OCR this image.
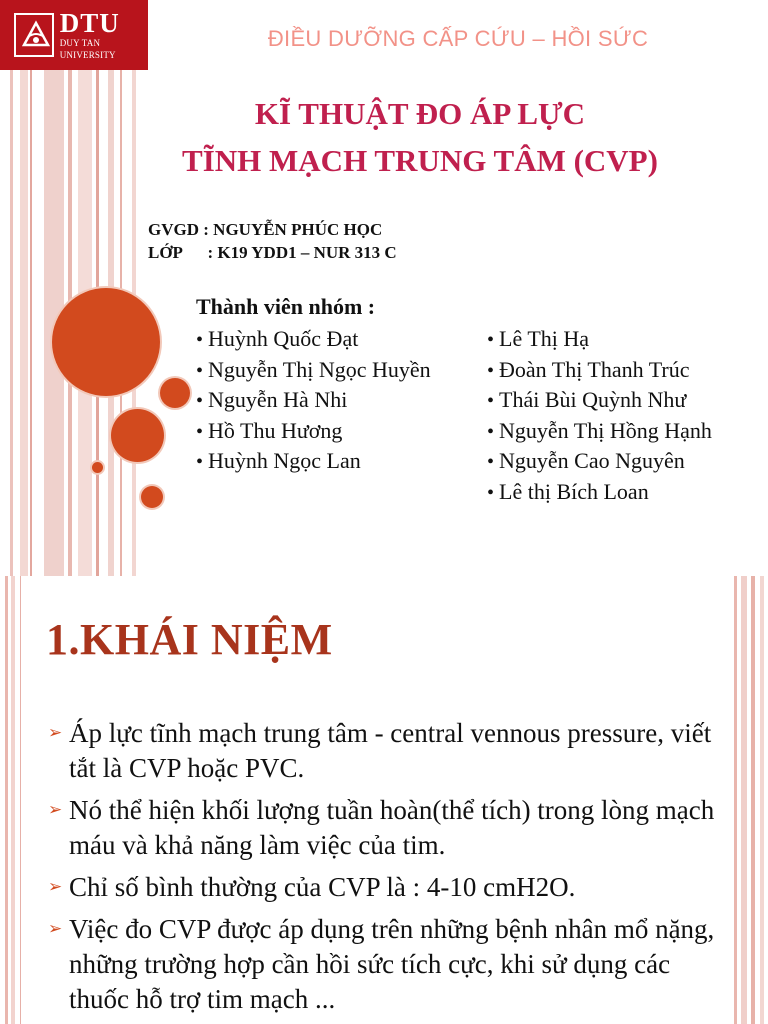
DTU
DUY TAN UNIVERSITY
ĐIỀU DƯỠNG CẤP CỨU – HỒI SỨC
KĨ THUẬT ĐO ÁP LỰC
TĨNH MẠCH TRUNG TÂM (CVP)
GVGD : NGUYỄN PHÚC HỌC
LỚP      : K19 YDD1 – NUR 313 C
Thành viên nhóm :
• Huỳnh Quốc Đạt
• Nguyễn Thị Ngọc Huyền
• Nguyễn Hà Nhi
• Hồ Thu Hương
• Huỳnh Ngọc Lan
• Lê Thị Hạ
• Đoàn Thị Thanh Trúc
• Thái Bùi Quỳnh Như
• Nguyễn Thị Hồng Hạnh
• Nguyễn Cao Nguyên
• Lê thị Bích Loan
1.KHÁI NIỆM
➢ Áp lực tĩnh mạch trung tâm - central vennous pressure, viết tắt là CVP hoặc PVC.
➢ Nó thể hiện khối lượng tuần hoàn(thể tích) trong lòng mạch máu và khả năng làm việc của tim.
➢ Chỉ số bình thường của CVP là : 4-10 cmH2O.
➢ Việc đo CVP được áp dụng trên những bệnh nhân mổ nặng, những trường hợp cần hồi sức tích cực, khi sử dụng các thuốc hỗ trợ tim mạch ...
